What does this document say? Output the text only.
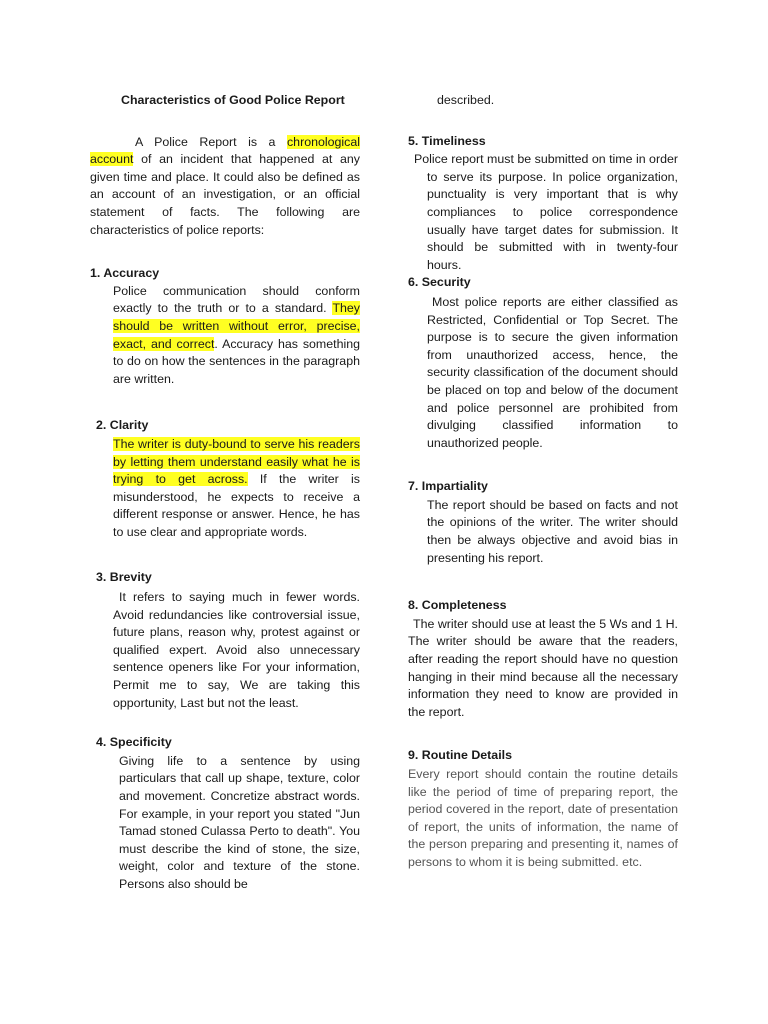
Characteristics of Good Police Report

A Police Report is a chronological account of an incident that happened at any given time and place. It could also be defined as an account of an investigation, or an official statement of facts. The following are characteristics of police reports:

1. Accuracy

Police communication should conform exactly to the truth or to a standard. They should be written without error, precise, exact, and correct. Accuracy has something to do on how the sentences in the paragraph are written.

2. Clarity

The writer is duty-bound to serve his readers by letting them understand easily what he is trying to get across. If the writer is misunderstood, he expects to receive a different response or answer. Hence, he has to use clear and appropriate words.

3. Brevity

It refers to saying much in fewer words. Avoid redundancies like controversial issue, future plans, reason why, protest against or qualified expert. Avoid also unnecessary sentence openers like For your information, Permit me to say, We are taking this opportunity, Last but not the least.

4. Specificity

Giving life to a sentence by using particulars that call up shape, texture, color and movement. Concretize abstract words. For example, in your report you stated "Jun Tamad stoned Culassa Perto to death". You must describe the kind of stone, the size, weight, color and texture of the stone. Persons also should be

described.

5. Timeliness

Police report must be submitted on time in order to serve its purpose. In police organization, punctuality is very important that is why compliances to police correspondence usually have target dates for submission. It should be submitted with in twenty-four hours.

6. Security

Most police reports are either classified as Restricted, Confidential or Top Secret. The purpose is to secure the given information from unauthorized access, hence, the security classification of the document should be placed on top and below of the document and police personnel are prohibited from divulging classified information to unauthorized people.

7. Impartiality

The report should be based on facts and not the opinions of the writer. The writer should then be always objective and avoid bias in presenting his report.

8. Completeness

The writer should use at least the 5 Ws and 1 H. The writer should be aware that the readers, after reading the report should have no question hanging in their mind because all the necessary information they need to know are provided in the report.

9. Routine Details

Every report should contain the routine details like the period of time of preparing report, the period covered in the report, date of presentation of report, the units of information, the name of the person preparing and presenting it, names of persons to whom it is being submitted. etc.
